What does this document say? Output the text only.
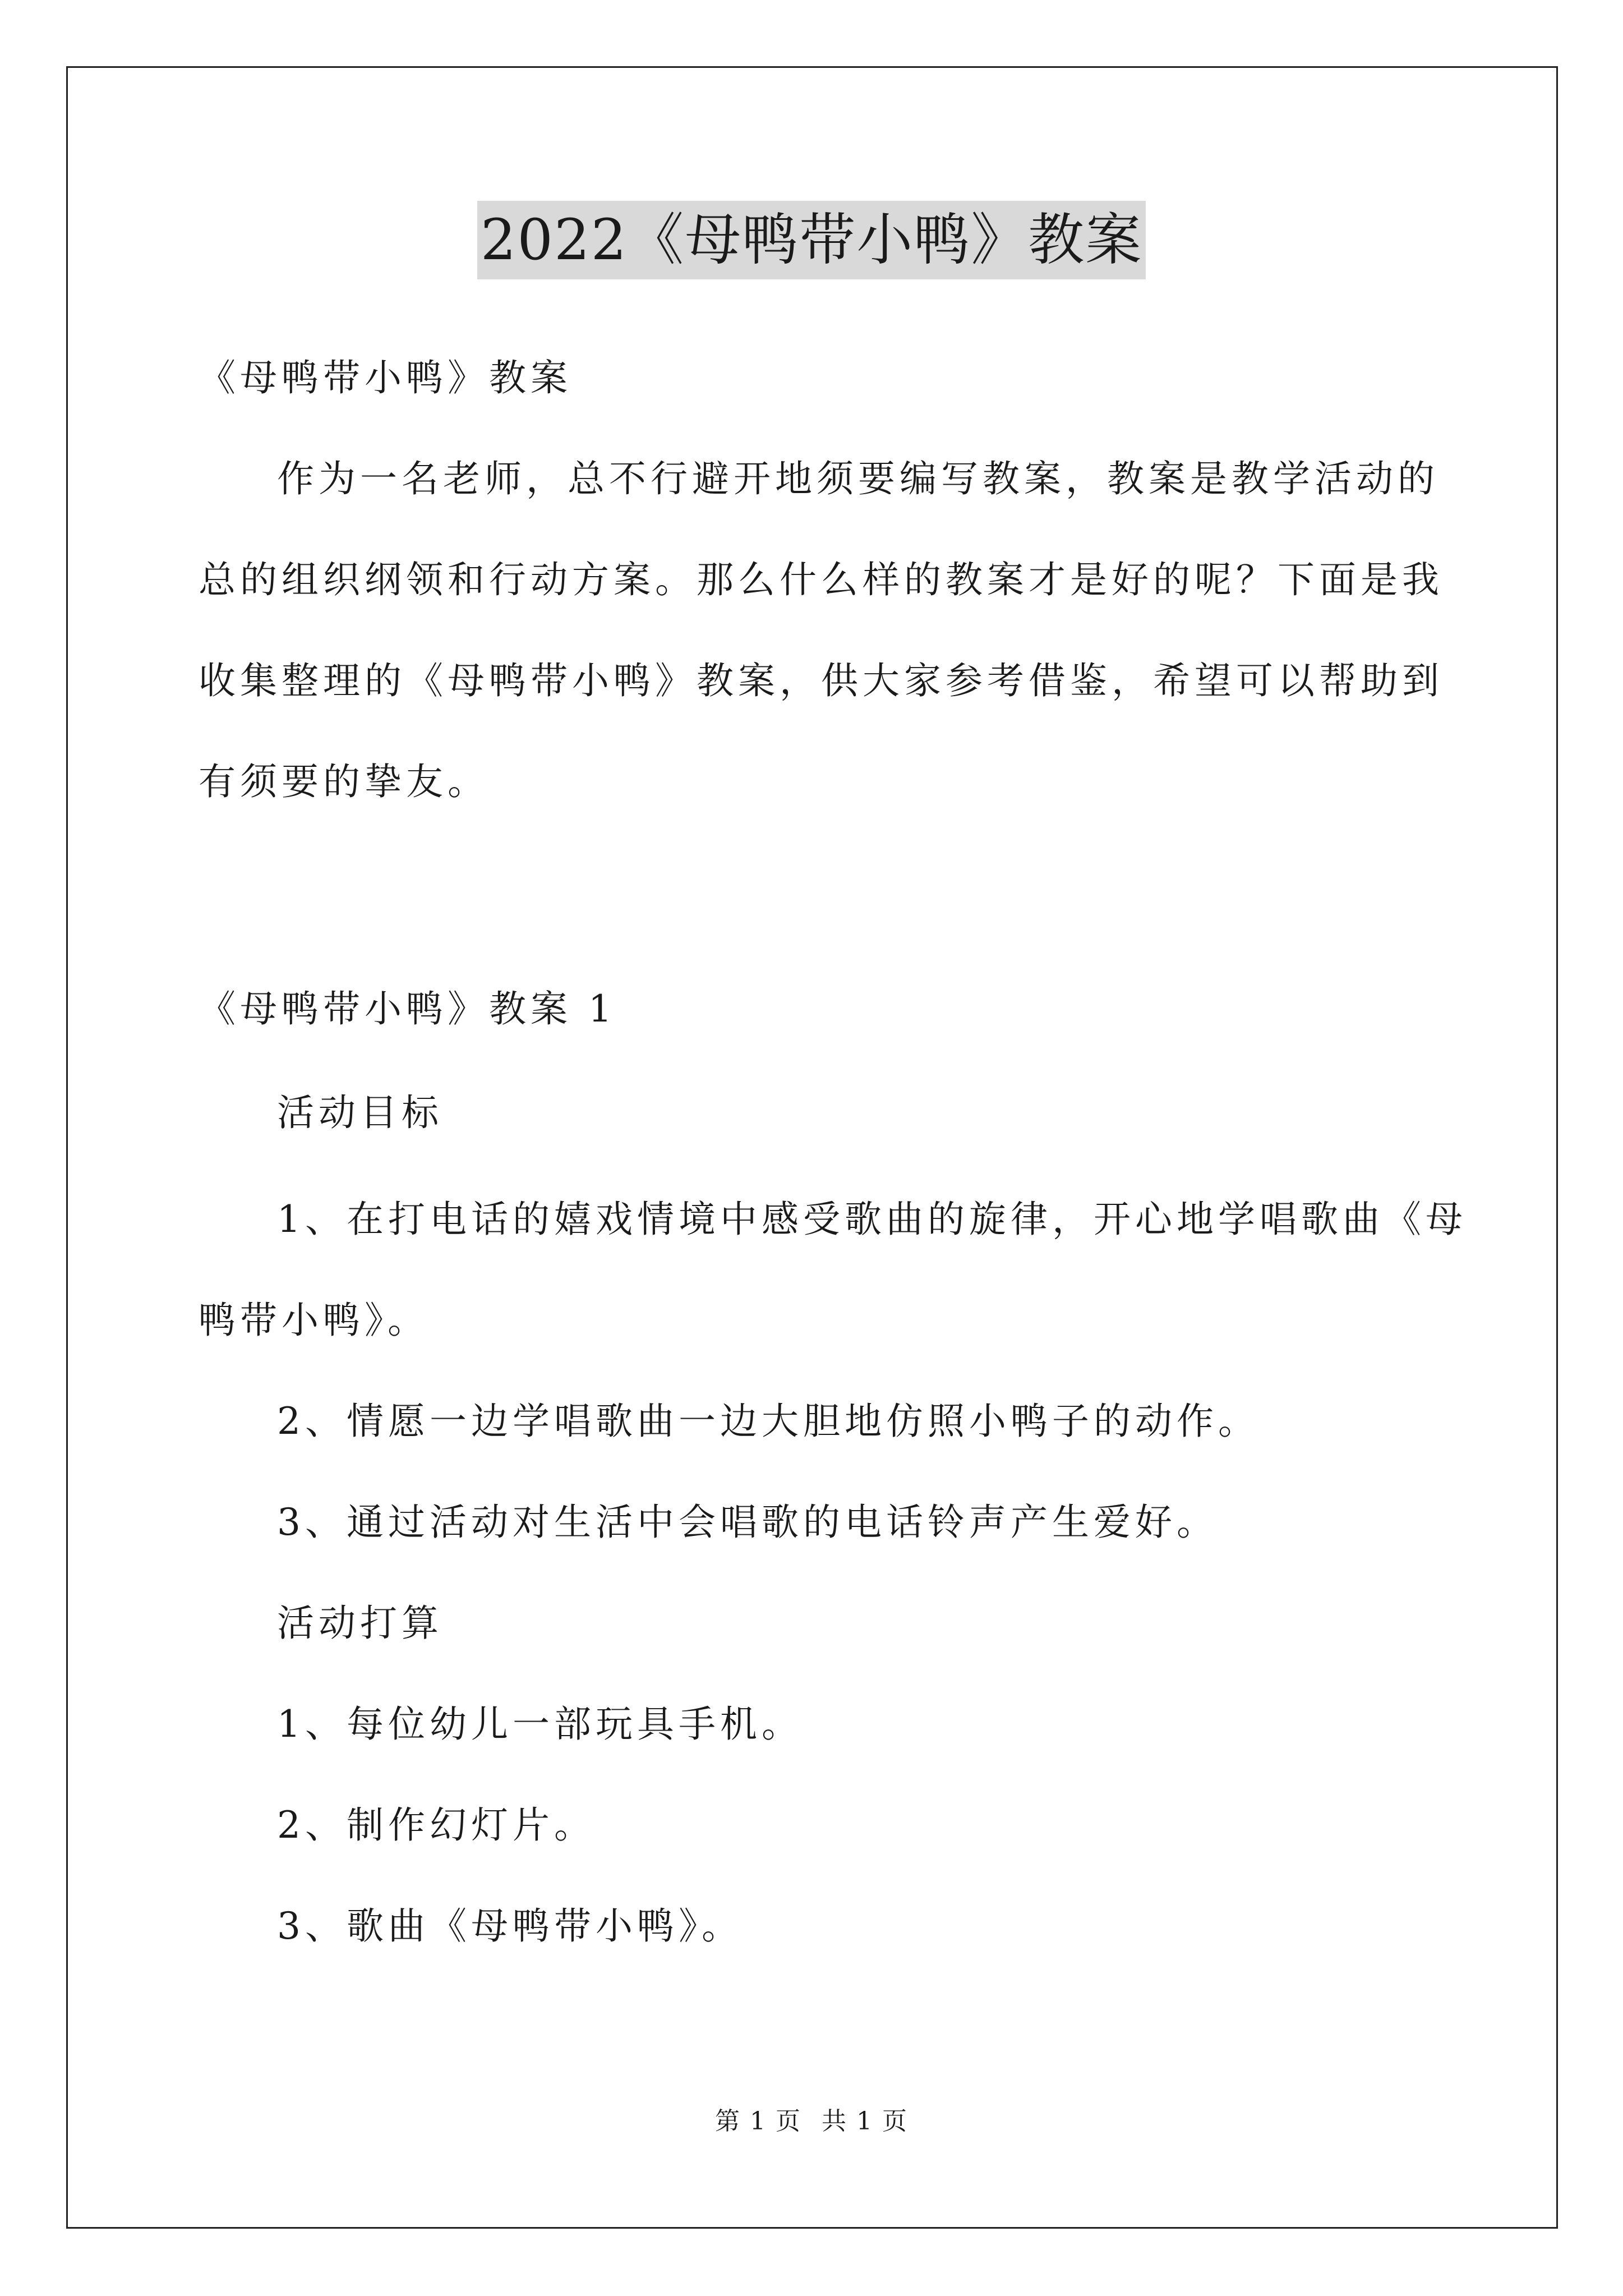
2022《母鸭带小鸭》教案
《母鸭带小鸭》教案
作为一名老师，总不行避开地须要编写教案，教案是教学活动的
总的组织纲领和行动方案。那么什么样的教案才是好的呢？下面是我
收集整理的《母鸭带小鸭》教案，供大家参考借鉴，希望可以帮助到
有须要的挚友。
《母鸭带小鸭》教案 1
活动目标
1、在打电话的嬉戏情境中感受歌曲的旋律，开心地学唱歌曲《母
鸭带小鸭》。
2、情愿一边学唱歌曲一边大胆地仿照小鸭子的动作。
3、通过活动对生活中会唱歌的电话铃声产生爱好。
活动打算
1、每位幼儿一部玩具手机。
2、制作幻灯片。
3、歌曲《母鸭带小鸭》。
第 1 页 共 1 页
